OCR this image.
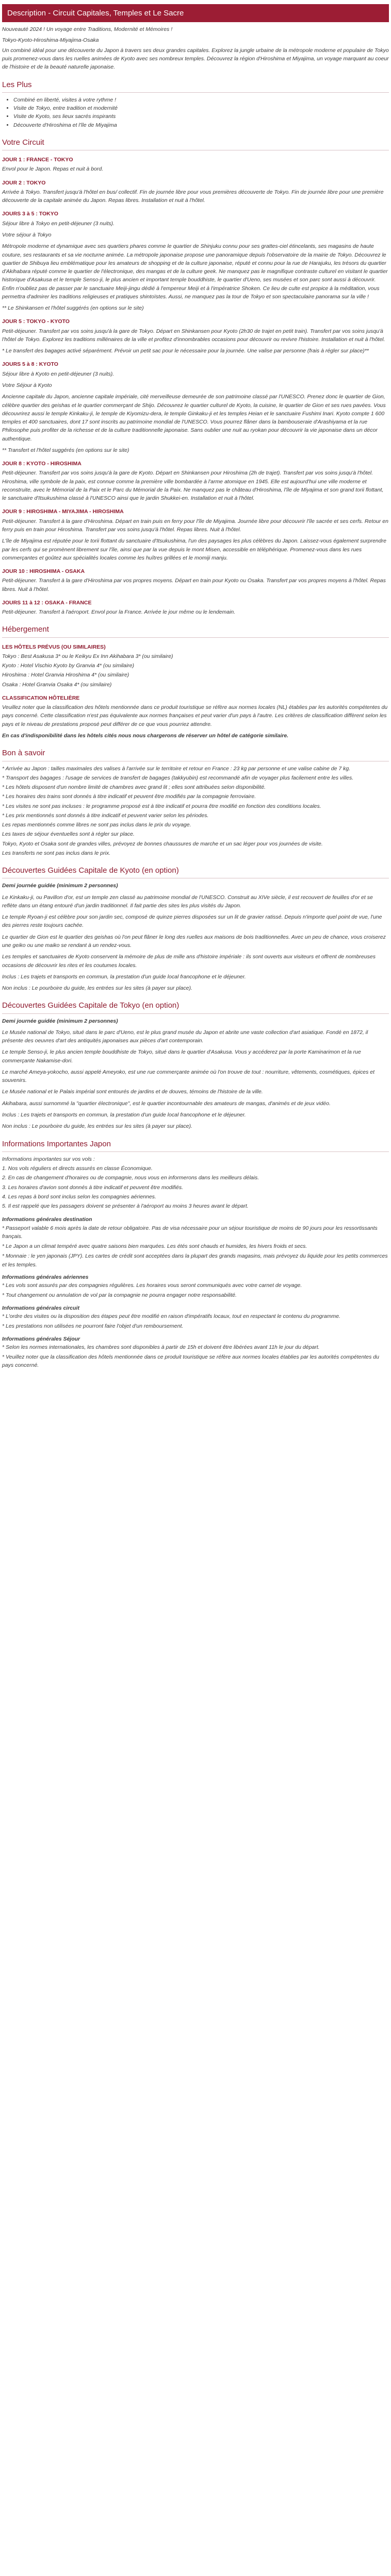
Description - Circuit Capitales, Temples et Le Sacre

Nouveauté 2024 ! Un voyage entre Traditions, Modernité et Mémoires !

Tokyo-Kyoto-Hiroshima-Miyajima-Osaka

Un combiné idéal pour une découverte du Japon à travers ses deux grandes capitales. Explorez la jungle urbaine de la métropole moderne et populaire de Tokyo puis promenez-vous dans les ruelles animées de Kyoto avec ses nombreux temples. Découvrez la région d'Hiroshima et Miyajima, un voyage marquant au coeur de l'histoire et de la beauté naturelle japonaise.

Les Plus
• Combiné en liberté, visites à votre rythme !
• Visite de Tokyo, entre tradition et modernité
• Visite de Kyoto, ses lieux sacrés inspirants
• Découverte d'Hiroshima et l'île de Miyajima
Votre Circuit
JOUR 1 : FRANCE - TOKYO

Envol pour le Japon. Repas et nuit à bord.

JOUR 2 : TOKYO

Arrivée à Tokyo. Transfert jusqu'à l'hôtel en bus/ collectif. Fin de journée libre pour vous premières découverte de Tokyo. Fin de journée libre pour une première découverte de la capitale animée du Japon. Repas libres. Installation et nuit à l'hôtel.

JOURS 3 à 5 : TOKYO

Séjour libre à Tokyo en petit-déjeuner (3 nuits).

Votre séjour à Tokyo

Métropole moderne et dynamique avec ses quartiers phares comme le quartier de Shinjuku connu pour ses grattes-ciel étincelants, ses magasins de haute couture, ses restaurants et sa vie nocturne animée. La métropole japonaise propose une panoramique depuis l'observatoire de la mairie de Tokyo. Découvrez le quartier de Shibuya lieu emblématique pour les amateurs de shopping et de la culture japonaise, réputé et connu pour la rue de Harajuku, les trésors du quartier d'Akihabara réputé comme le quartier de l'électronique, des mangas et de la culture geek. Ne manquez pas le magnifique contraste culturel en visitant le quartier historique d'Asakusa et le temple Senso-ji, le plus ancien et important temple bouddhiste, le quartier d'Ueno, ses musées et son parc sont aussi à découvrir. Enfin n'oubliez pas de passer par le sanctuaire Meiji-jingu dédié à l'empereur Meiji et à l'impératrice Shoken. Ce lieu de culte est propice à la méditation, vous permettra d'admirer les traditions religieuses et pratiques shintoïstes. Aussi, ne manquez pas la tour de Tokyo et son spectaculaire panorama sur la ville !

** Le Shinkansen et l'hôtel suggérés (en options sur le site)

JOUR 5 : TOKYO - KYOTO

Petit-déjeuner. Transfert par vos soins jusqu'à la gare de Tokyo. Départ en Shinkansen pour Kyoto (2h30 de trajet en petit train). Transfert par vos soins jusqu'à l'hôtel de Tokyo. Explorez les traditions millénaires de la ville et profitez d'innombrables occasions pour découvrir ou revivre l'histoire. Installation et nuit à l'hôtel.

* Le transfert des bagages activé séparément. Prévoir un petit sac pour le nécessaire pour la journée. Une valise par personne (frais à régler sur place)**

JOURS 5 à 8 : KYOTO

Séjour libre à Kyoto en petit-déjeuner (3 nuits).

Votre Séjour à Kyoto

Ancienne capitale du Japon, ancienne capitale impériale, cité merveilleuse demeurée de son patrimoine classé par l'UNESCO. Prenez donc le quartier de Gion, célèbre quartier des geishas et le quartier commerçant de Shijo. Découvrez le quartier culturel de Kyoto, la cuisine, le quartier de Gion et ses rues pavées. Vous découvrirez aussi le temple Kinkaku-ji, le temple de Kiyomizu-dera, le temple Ginkaku-ji et les temples Heian et le sanctuaire Fushimi Inari. Kyoto compte 1 600 temples et 400 sanctuaires, dont 17 sont inscrits au patrimoine mondial de l'UNESCO. Vous pourrez flâner dans la bambouseraie d'Arashiyama et la rue Philosophe puis profiter de la richesse et de la culture traditionnelle japonaise. Sans oublier une nuit au ryokan pour découvrir la vie japonaise dans un décor authentique.

** Transfert et l'hôtel suggérés (en options sur le site)

JOUR 8 : KYOTO - HIROSHIMA

Petit-déjeuner. Transfert par vos soins jusqu'à la gare de Kyoto. Départ en Shinkansen pour Hiroshima (2h de trajet). Transfert par vos soins jusqu'à l'hôtel. Hiroshima, ville symbole de la paix, est connue comme la première ville bombardée à l'arme atomique en 1945. Elle est aujourd'hui une ville moderne et reconstruite, avec le Mémorial de la Paix et le Parc du Mémorial de la Paix. Ne manquez pas le château d'Hiroshima, l'île de Miyajima et son grand torii flottant, le sanctuaire d'Itsukushima classé à l'UNESCO ainsi que le jardin Shukkei-en. Installation et nuit à l'hôtel.

JOUR 9 : HIROSHIMA - MIYAJIMA - HIROSHIMA

Petit-déjeuner. Transfert à la gare d'Hiroshima. Départ en train puis en ferry pour l'île de Miyajima. Journée libre pour découvrir l'île sacrée et ses cerfs. Retour en ferry puis en train pour Hiroshima. Transfert par vos soins jusqu'à l'hôtel. Repas libres. Nuit à l'hôtel.

L'île de Miyajima est réputée pour le torii flottant du sanctuaire d'Itsukushima, l'un des paysages les plus célèbres du Japon. Laissez-vous également surprendre par les cerfs qui se promènent librement sur l'île, ainsi que par la vue depuis le mont Misen, accessible en téléphérique. Promenez-vous dans les rues commerçantes et goûtez aux spécialités locales comme les huîtres grillées et le momiji manju.

JOUR 10 : HIROSHIMA - OSAKA

Petit-déjeuner. Transfert à la gare d'Hiroshima par vos propres moyens. Départ en train pour Kyoto ou Osaka. Transfert par vos propres moyens à l'hôtel. Repas libres. Nuit à l'hôtel.

JOURS 11 à 12 : OSAKA - FRANCE

Petit-déjeuner. Transfert à l'aéroport. Envol pour la France. Arrivée le jour même ou le lendemain.

Hébergement
LES HÔTELS PRÉVUS (OU SIMILAIRES)

Tokyo : Best Asakusa 3* ou le Keikyu Ex Inn Akihabara 3* (ou similaire)

Kyoto : Hotel Vischio Kyoto by Granvia 4* (ou similaire)

Hiroshima : Hotel Granvia Hiroshima 4* (ou similaire)

Osaka : Hotel Granvia Osaka 4* (ou similaire)

CLASSIFICATION HÔTELIÈRE

Veuillez noter que la classification des hôtels mentionnée dans ce produit touristique se réfère aux normes locales (NL) établies par les autorités compétentes du pays concerné. Cette classification n'est pas équivalente aux normes françaises et peut varier d'un pays à l'autre. Les critères de classification diffèrent selon les pays et le niveau de prestations proposé peut différer de ce que vous pourriez attendre.

En cas d'indisponibilité dans les hôtels cités nous nous chargerons de réserver un hôtel de catégorie similaire.

Bon à savoir

* Arrivée au Japon : tailles maximales des valises à l'arrivée sur le territoire et retour en France : 23 kg par personne et une valise cabine de 7 kg.

* Transport des bagages : l'usage de services de transfert de bagages (takkyubin) est recommandé afin de voyager plus facilement entre les villes.

* Les hôtels disposent d'un nombre limité de chambres avec grand lit ; elles sont attribuées selon disponibilité.

* Les horaires des trains sont donnés à titre indicatif et peuvent être modifiés par la compagnie ferroviaire.

* Les visites ne sont pas incluses : le programme proposé est à titre indicatif et pourra être modifié en fonction des conditions locales.

* Les prix mentionnés sont donnés à titre indicatif et peuvent varier selon les périodes.

Les repas mentionnés comme libres ne sont pas inclus dans le prix du voyage.

Les taxes de séjour éventuelles sont à régler sur place.

Tokyo, Kyoto et Osaka sont de grandes villes, prévoyez de bonnes chaussures de marche et un sac léger pour vos journées de visite.

Les transferts ne sont pas inclus dans le prix.

Découvertes Guidées Capitale de Kyoto (en option)

Demi journée guidée (minimum 2 personnes)

Le Kinkaku-ji, ou Pavillon d'or, est un temple zen classé au patrimoine mondial de l'UNESCO. Construit au XIVe siècle, il est recouvert de feuilles d'or et se reflète dans un étang entouré d'un jardin traditionnel. Il fait partie des sites les plus visités du Japon.

Le temple Ryoan-ji est célèbre pour son jardin sec, composé de quinze pierres disposées sur un lit de gravier ratissé. Depuis n'importe quel point de vue, l'une des pierres reste toujours cachée.

Le quartier de Gion est le quartier des geishas où l'on peut flâner le long des ruelles aux maisons de bois traditionnelles. Avec un peu de chance, vous croiserez une geiko ou une maiko se rendant à un rendez-vous.

Les temples et sanctuaires de Kyoto conservent la mémoire de plus de mille ans d'histoire impériale : ils sont ouverts aux visiteurs et offrent de nombreuses occasions de découvrir les rites et les coutumes locales.

Inclus : Les trajets et transports en commun, la prestation d'un guide local francophone et le déjeuner.

Non inclus : Le pourboire du guide, les entrées sur les sites (à payer sur place).

Découvertes Guidées Capitale de Tokyo (en option)

Demi journée guidée (minimum 2 personnes)

Le Musée national de Tokyo, situé dans le parc d'Ueno, est le plus grand musée du Japon et abrite une vaste collection d'art asiatique. Fondé en 1872, il présente des oeuvres d'art des antiquités japonaises aux pièces d'art contemporain.

Le temple Senso-ji, le plus ancien temple bouddhiste de Tokyo, situé dans le quartier d'Asakusa. Vous y accéderez par la porte Kaminarimon et la rue commerçante Nakamise-dori.

Le marché Ameya-yokocho, aussi appelé Ameyoko, est une rue commerçante animée où l'on trouve de tout : nourriture, vêtements, cosmétiques, épices et souvenirs.

Le Musée national et le Palais impérial sont entourés de jardins et de douves, témoins de l'histoire de la ville.

Akihabara, aussi surnommé la "quartier électronique", est le quartier incontournable des amateurs de mangas, d'animés et de jeux vidéo.

Inclus : Les trajets et transports en commun, la prestation d'un guide local francophone et le déjeuner.

Non inclus : Le pourboire du guide, les entrées sur les sites (à payer sur place).

Informations Importantes Japon

Informations importantes sur vos vols :

1. Nos vols réguliers et directs assurés en classe Économique.

2. En cas de changement d'horaires ou de compagnie, nous vous en informerons dans les meilleurs délais.

3. Les horaires d'avion sont donnés à titre indicatif et peuvent être modifiés.

4. Les repas à bord sont inclus selon les compagnies aériennes.

5. Il est rappelé que les passagers doivent se présenter à l'aéroport au moins 3 heures avant le départ.

Informations générales destination

* Passeport valable 6 mois après la date de retour obligatoire. Pas de visa nécessaire pour un séjour touristique de moins de 90 jours pour les ressortissants français.

* Le Japon a un climat tempéré avec quatre saisons bien marquées. Les étés sont chauds et humides, les hivers froids et secs.

* Monnaie : le yen japonais (JPY). Les cartes de crédit sont acceptées dans la plupart des grands magasins, mais prévoyez du liquide pour les petits commerces et les temples.

Informations générales aériennes

* Les vols sont assurés par des compagnies régulières. Les horaires vous seront communiqués avec votre carnet de voyage.

* Tout changement ou annulation de vol par la compagnie ne pourra engager notre responsabilité.

Informations générales circuit

* L'ordre des visites ou la disposition des étapes peut être modifié en raison d'impératifs locaux, tout en respectant le contenu du programme.

* Les prestations non utilisées ne pourront faire l'objet d'un remboursement.

Informations générales Séjour

* Selon les normes internationales, les chambres sont disponibles à partir de 15h et doivent être libérées avant 11h le jour du départ.

* Veuillez noter que la classification des hôtels mentionnée dans ce produit touristique se réfère aux normes locales établies par les autorités compétentes du pays concerné.
